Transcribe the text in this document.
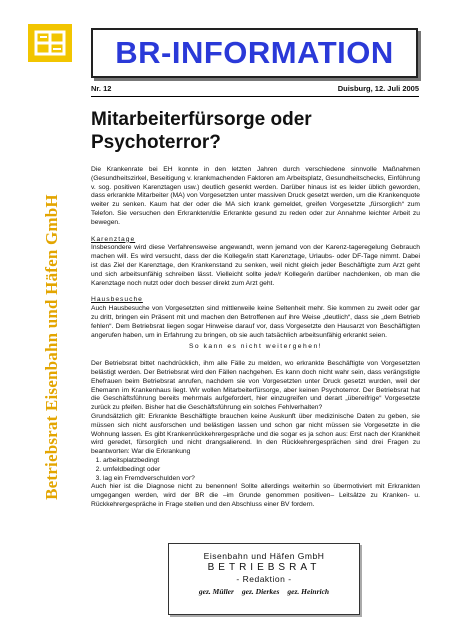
Betriebsrat Eisenbahn und Häfen GmbH
BR-INFORMATION
Nr. 12	Duisburg, 12. Juli 2005
Mitarbeiterfürsorge oder
Psychoterror?

Die Krankenrate bei EH konnte in den letzten Jahren durch verschiedene sinnvolle Maßnahmen (Gesundheitszirkel, Beseitigung v. krankmachenden Faktoren am Arbeitsplatz, Gesundheitschecks, Einführung v. sog. positiven Karenztagen usw.) deutlich gesenkt werden. Darüber hinaus ist es leider üblich geworden, dass erkrankte Mitarbeiter (MA) von Vorgesetzten unter massiven Druck gesetzt werden, um die Krankenquote weiter zu senken. Kaum hat der oder die MA sich krank gemeldet, greifen Vorgesetzte „fürsorglich“ zum Telefon. Sie versuchen den Erkrankten/die Erkrankte gesund zu reden oder zur Annahme leichter Arbeit zu bewegen.

Karenztage

Insbesondere wird diese Verfahrensweise angewandt, wenn jemand von der Karenz-tageregelung Gebrauch machen will. Es wird versucht, dass der die Kollege/in statt Karenztage, Urlaubs- oder DF-Tage nimmt. Dabei ist das Ziel der Karenztage, den Krankenstand zu senken, weil nicht gleich jeder Beschäftigte zum Arzt geht und sich arbeitsunfähig schreiben lässt. Vielleicht sollte jede/r Kollege/in darüber nachdenken, ob man die Karenztage noch nutzt oder doch besser direkt zum Arzt geht.

Hausbesuche

Auch Hausbesuche von Vorgesetzten sind mittlerweile keine Seltenheit mehr. Sie kommen zu zweit oder gar zu dritt, bringen ein Präsent mit und machen den Betroffenen auf ihre Weise „deutlich“, dass sie „dem Betrieb fehlen“. Dem Betriebsrat liegen sogar Hinweise darauf vor, dass Vorgesetzte den Hausarzt von Beschäftigten angerufen haben, um in Erfahrung zu bringen, ob sie auch tatsächlich arbeitsunfähig erkrankt seien.

So kann es nicht weitergehen!

Der Betriebsrat bittet nachdrücklich, ihm alle Fälle zu melden, wo erkrankte Beschäftigte von Vorgesetzten belästigt werden. Der Betriebsrat wird den Fällen nachgehen. Es kann doch nicht wahr sein, dass verängstigte Ehefrauen beim Betriebsrat anrufen, nachdem sie von Vorgesetzten unter Druck gesetzt wurden, weil der Ehemann im Krankenhaus liegt. Wir wollen Mitarbeiterfürsorge, aber keinen Psychoterror. Der Betriebsrat hat die Geschäftsführung bereits mehrmals aufgefordert, hier einzugreifen und derart „übereifrige“ Vorgesetzte zurück zu pfeifen. Bisher hat die Geschäftsführung ein solches Fehlverhalten?

Grundsätzlich gilt: Erkrankte Beschäftigte brauchen keine Auskunft über medizinische Daten zu geben, sie müssen sich nicht ausforschen und belästigen lassen und schon gar nicht müssen sie Vorgesetzte in die Wohnung lassen. Es gibt Krankenrückkehrergespräche und die sogar es ja schon aus: Erst nach der Krankheit wird geredet, fürsorglich und nicht drangsalierend. In den Rückkehrergesprächen sind drei Fragen zu beantworten: War die Erkrankung

1. arbeitsplatzbedingt
2. umfeldbedingt oder
3. lag ein Fremdverschulden vor?

Auch hier ist die Diagnose nicht zu benennen! Sollte allerdings weiterhin so übermotiviert mit Erkrankten umgegangen werden, wird der BR die –im Grunde genommen positiven– Leitsätze zu Kranken- u. Rückkehrergespräche in Frage stellen und den Abschluss einer BV fordern.

Eisenbahn und Häfen GmbH
BETRIEBSRAT
- Redaktion -
gez. Müller gez. Dierkes gez. Heinrich
